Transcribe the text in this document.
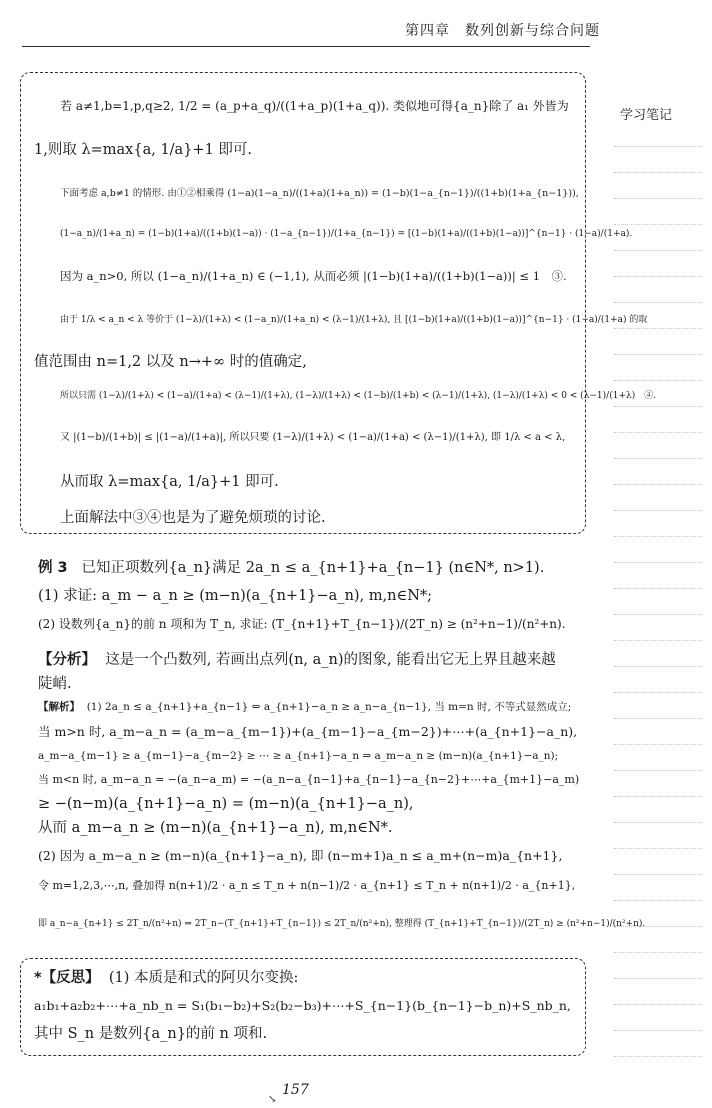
第四章　数列创新与综合问题
学习笔记
若 a≠1,b=1,p,q≥2, 1/2 = (a_p+a_q)/((1+a_p)(1+a_q)). 类似地可得{a_n}除了 a₁ 外皆为
1,则取 λ=max{a, 1/a}+1 即可.
下面考虑 a,b≠1 的情形. 由①②相乘得 (1−a)(1−a_n)/((1+a)(1+a_n)) = (1−b)(1−a_{n−1})/((1+b)(1+a_{n−1})),
(1−a_n)/(1+a_n) = (1−b)(1+a)/((1+b)(1−a)) · (1−a_{n−1})/(1+a_{n−1}) = [(1−b)(1+a)/((1+b)(1−a))]^{n−1} · (1−a)/(1+a).
因为 a_n>0, 所以 (1−a_n)/(1+a_n) ∈ (−1,1), 从而必须 |(1−b)(1+a)/((1+b)(1−a))| ≤ 1　③.
由于 1/λ < a_n < λ 等价于 (1−λ)/(1+λ) < (1−a_n)/(1+a_n) < (λ−1)/(1+λ), 且 [(1−b)(1+a)/((1+b)(1−a))]^{n−1} · (1−a)/(1+a) 的取
值范围由 n=1,2 以及 n→+∞ 时的值确定,
所以只需 (1−λ)/(1+λ) < (1−a)/(1+a) < (λ−1)/(1+λ), (1−λ)/(1+λ) < (1−b)/(1+b) < (λ−1)/(1+λ), (1−λ)/(1+λ) < 0 < (λ−1)/(1+λ)　④.
又 |(1−b)/(1+b)| ≤ |(1−a)/(1+a)|, 所以只要 (1−λ)/(1+λ) < (1−a)/(1+a) < (λ−1)/(1+λ), 即 1/λ < a < λ,
从而取 λ=max{a, 1/a}+1 即可.
上面解法中③④也是为了避免烦琐的讨论.
例 3 已知正项数列{a_n}满足 2a_n ≤ a_{n+1}+a_{n−1} (n∈N*, n>1).
(1) 求证: a_m − a_n ≥ (m−n)(a_{n+1}−a_n), m,n∈N*;
(2) 设数列{a_n}的前 n 项和为 T_n, 求证: (T_{n+1}+T_{n−1})/(2T_n) ≥ (n²+n−1)/(n²+n).
【分析】 这是一个凸数列, 若画出点列(n, a_n)的图象, 能看出它无上界且越来越
陡峭.
【解析】 (1) 2a_n ≤ a_{n+1}+a_{n−1} ⇔ a_{n+1}−a_n ≥ a_n−a_{n−1}, 当 m=n 时, 不等式显然成立;
当 m>n 时, a_m−a_n = (a_m−a_{m−1})+(a_{m−1}−a_{m−2})+⋯+(a_{n+1}−a_n),
a_m−a_{m−1} ≥ a_{m−1}−a_{m−2} ≥ ⋯ ≥ a_{n+1}−a_n ⇒ a_m−a_n ≥ (m−n)(a_{n+1}−a_n);
当 m<n 时, a_m−a_n = −(a_n−a_m) = −(a_n−a_{n−1}+a_{n−1}−a_{n−2}+⋯+a_{m+1}−a_m)
≥ −(n−m)(a_{n+1}−a_n) = (m−n)(a_{n+1}−a_n),
从而 a_m−a_n ≥ (m−n)(a_{n+1}−a_n), m,n∈N*.
(2) 因为 a_m−a_n ≥ (m−n)(a_{n+1}−a_n), 即 (n−m+1)a_n ≤ a_m+(n−m)a_{n+1},
令 m=1,2,3,⋯,n, 叠加得 n(n+1)/2 · a_n ≤ T_n + n(n−1)/2 · a_{n+1} ≤ T_n + n(n+1)/2 · a_{n+1},
即 a_n−a_{n+1} ≤ 2T_n/(n²+n) ⇒ 2T_n−(T_{n+1}+T_{n−1}) ≤ 2T_n/(n²+n), 整理得 (T_{n+1}+T_{n−1})/(2T_n) ≥ (n²+n−1)/(n²+n).
*【反思】 (1) 本质是和式的阿贝尔变换:
a₁b₁+a₂b₂+⋯+a_nb_n = S₁(b₁−b₂)+S₂(b₂−b₃)+⋯+S_{n−1}(b_{n−1}−b_n)+S_nb_n,
其中 S_n 是数列{a_n}的前 n 项和.
157
↘
